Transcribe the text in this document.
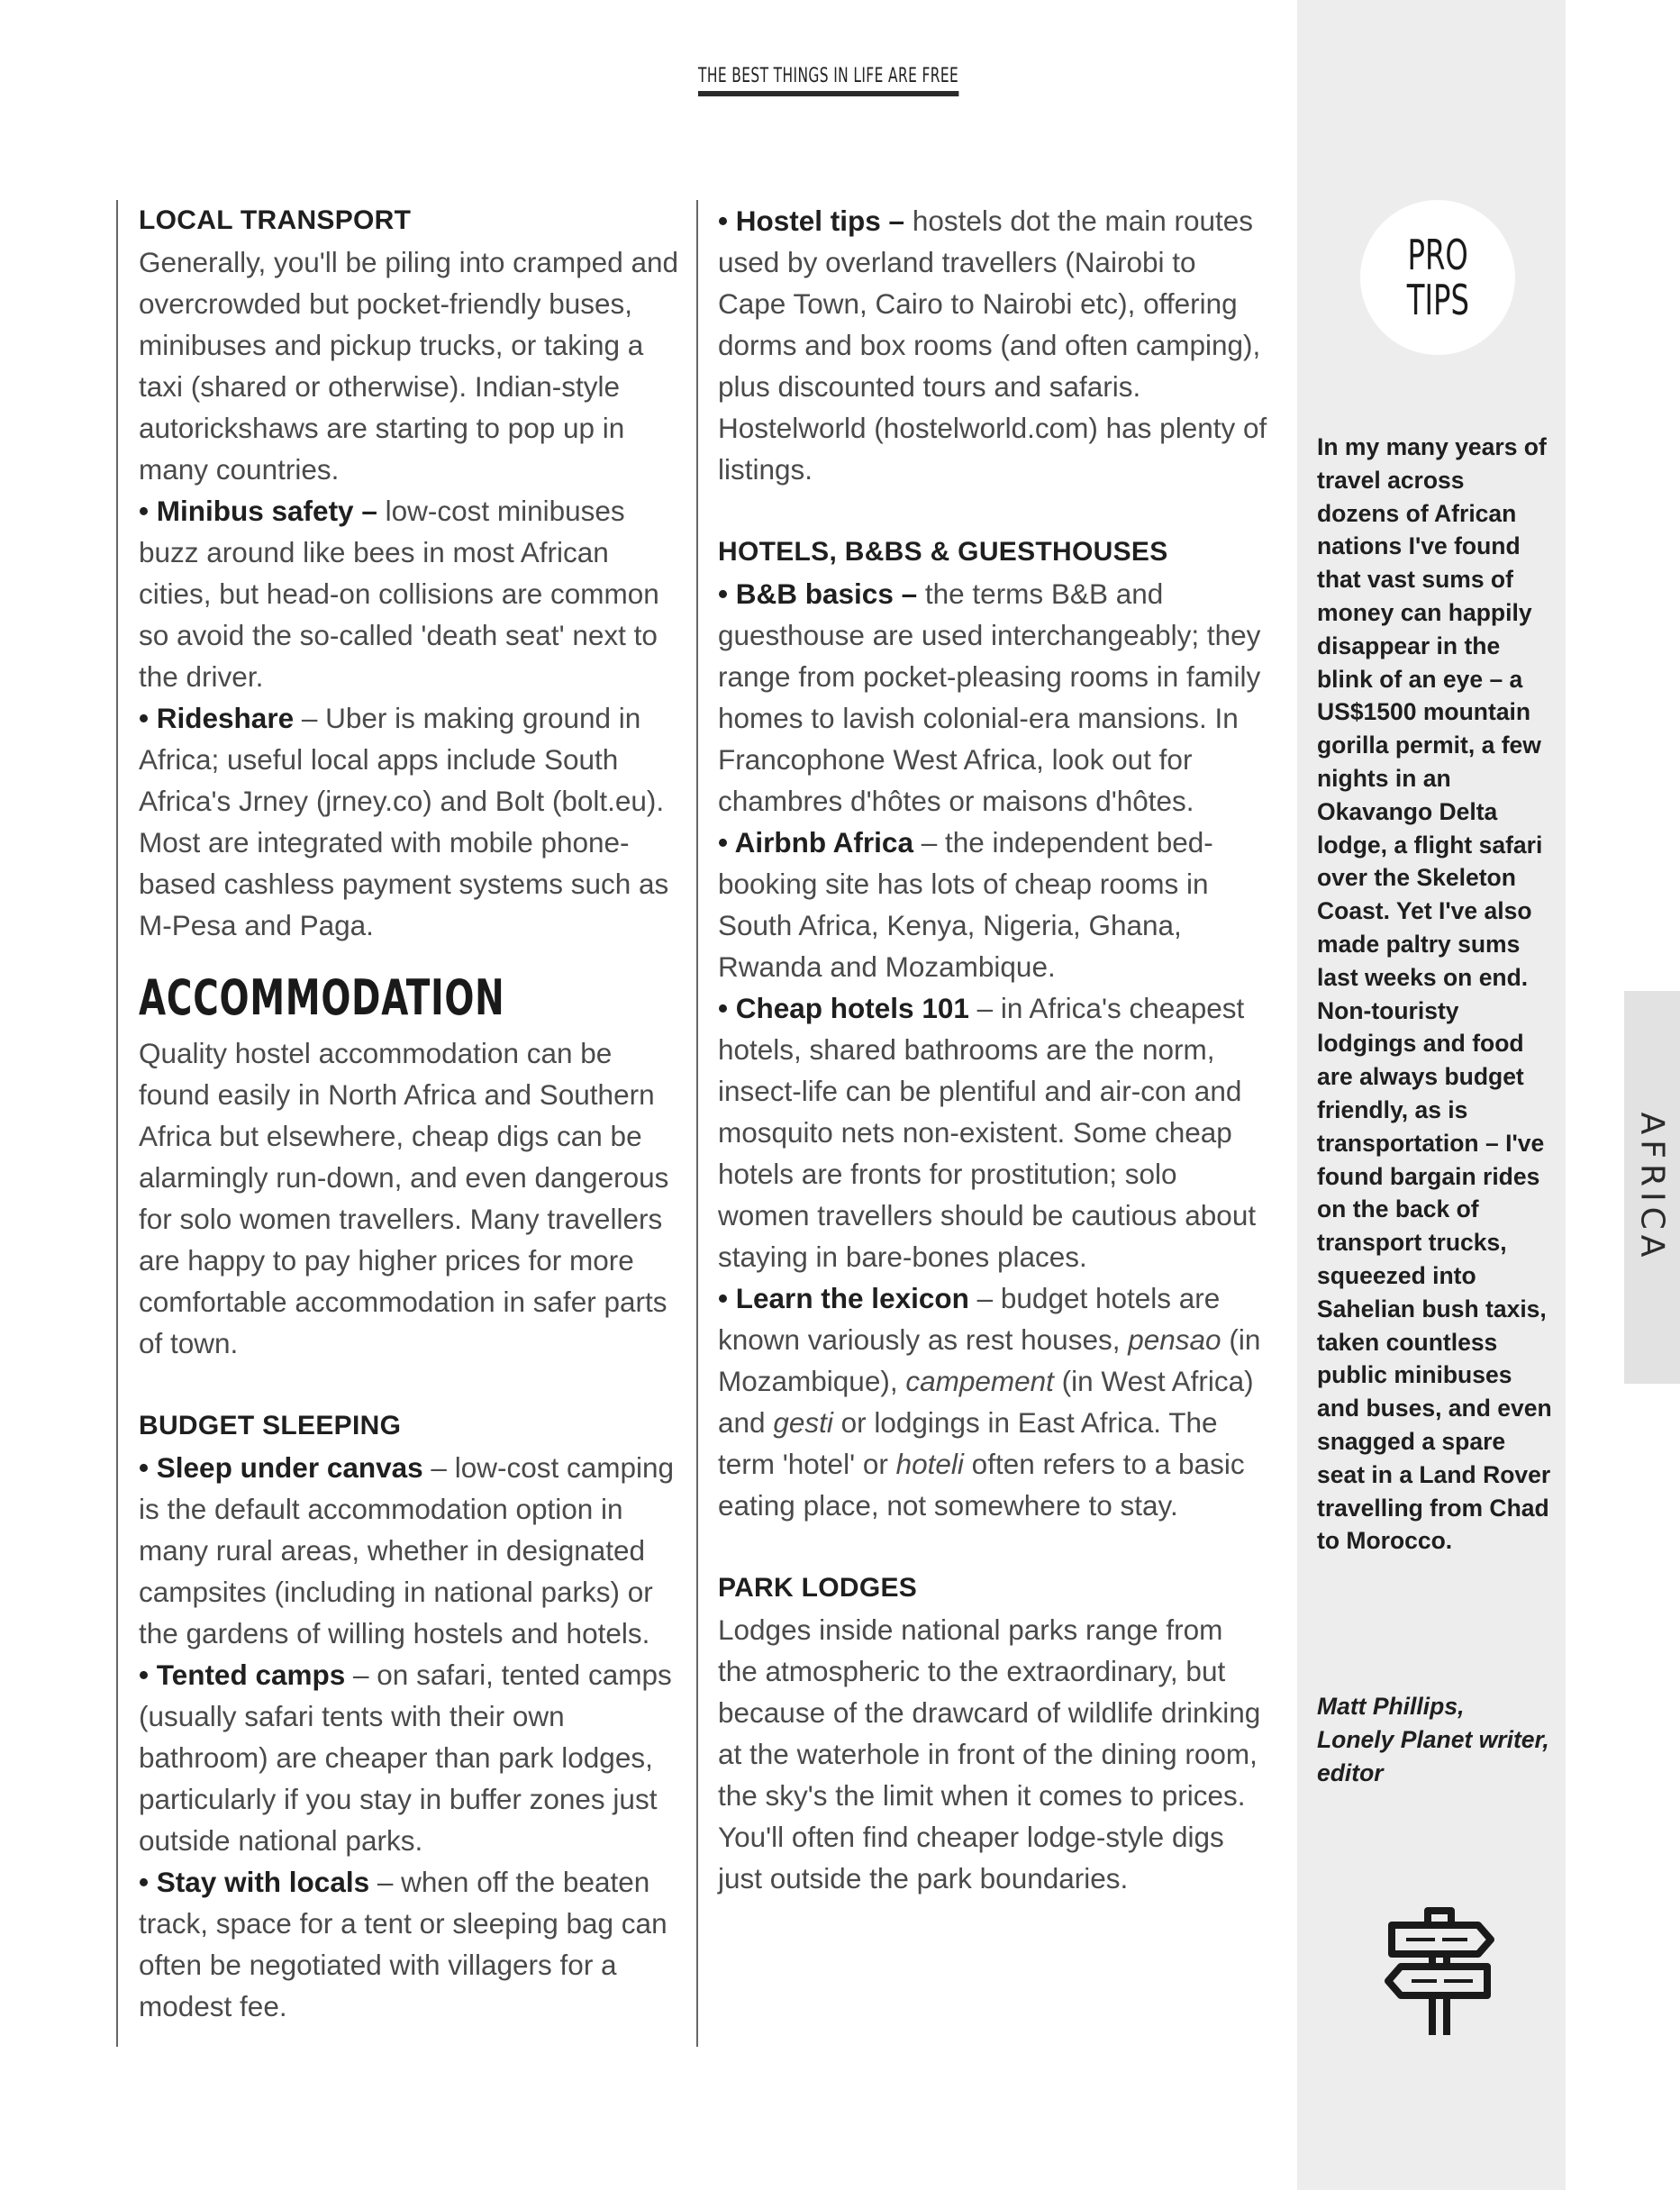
THE BEST THINGS IN LIFE ARE FREE

LOCAL TRANSPORT

Generally, you'll be piling into cramped and overcrowded but pocket-friendly buses, minibuses and pickup trucks, or taking a taxi (shared or otherwise). Indian-style autorickshaws are starting to pop up in many countries.

• Minibus safety – low-cost minibuses buzz around like bees in most African cities, but head-on collisions are common so avoid the so-called 'death seat' next to the driver.

• Rideshare – Uber is making ground in Africa; useful local apps include South Africa's Jrney (jrney.co) and Bolt (bolt.eu). Most are integrated with mobile phone-based cashless payment systems such as M-Pesa and Paga.

ACCOMMODATION

Quality hostel accommodation can be found easily in North Africa and Southern Africa but elsewhere, cheap digs can be alarmingly run-down, and even dangerous for solo women travellers. Many travellers are happy to pay higher prices for more comfortable accommodation in safer parts of town.

BUDGET SLEEPING

• Sleep under canvas – low-cost camping is the default accommodation option in many rural areas, whether in designated campsites (including in national parks) or the gardens of willing hostels and hotels.

• Tented camps – on safari, tented camps (usually safari tents with their own bathroom) are cheaper than park lodges, particularly if you stay in buffer zones just outside national parks.

• Stay with locals – when off the beaten track, space for a tent or sleeping bag can often be negotiated with villagers for a modest fee.

• Hostel tips – hostels dot the main routes used by overland travellers (Nairobi to Cape Town, Cairo to Nairobi etc), offering dorms and box rooms (and often camping), plus discounted tours and safaris. Hostelworld (hostelworld.com) has plenty of listings.

HOTELS, B&BS & GUESTHOUSES

• B&B basics – the terms B&B and guesthouse are used interchangeably; they range from pocket-pleasing rooms in family homes to lavish colonial-era mansions. In Francophone West Africa, look out for chambres d'hôtes or maisons d'hôtes.

• Airbnb Africa – the independent bed-booking site has lots of cheap rooms in South Africa, Kenya, Nigeria, Ghana, Rwanda and Mozambique.

• Cheap hotels 101 – in Africa's cheapest hotels, shared bathrooms are the norm, insect-life can be plentiful and air-con and mosquito nets non-existent. Some cheap hotels are fronts for prostitution; solo women travellers should be cautious about staying in bare-bones places.

• Learn the lexicon – budget hotels are known variously as rest houses, pensao (in Mozambique), campement (in West Africa) and gesti or lodgings in East Africa. The term 'hotel' or hoteli often refers to a basic eating place, not somewhere to stay.

PARK LODGES

Lodges inside national parks range from the atmospheric to the extraordinary, but because of the drawcard of wildlife drinking at the waterhole in front of the dining room, the sky's the limit when it comes to prices. You'll often find cheaper lodge-style digs just outside the park boundaries.

PRO
TIPS

In my many years of travel across dozens of African nations I've found that vast sums of money can happily disappear in the blink of an eye – a US$1500 mountain gorilla permit, a few nights in an Okavango Delta lodge, a flight safari over the Skeleton Coast. Yet I've also made paltry sums last weeks on end. Non-touristy lodgings and food are always budget friendly, as is transportation – I've found bargain rides on the back of transport trucks, squeezed into Sahelian bush taxis, taken countless public minibuses and buses, and even snagged a spare seat in a Land Rover travelling from Chad to Morocco.

Matt Phillips,

Lonely Planet writer, editor

AFRICA
